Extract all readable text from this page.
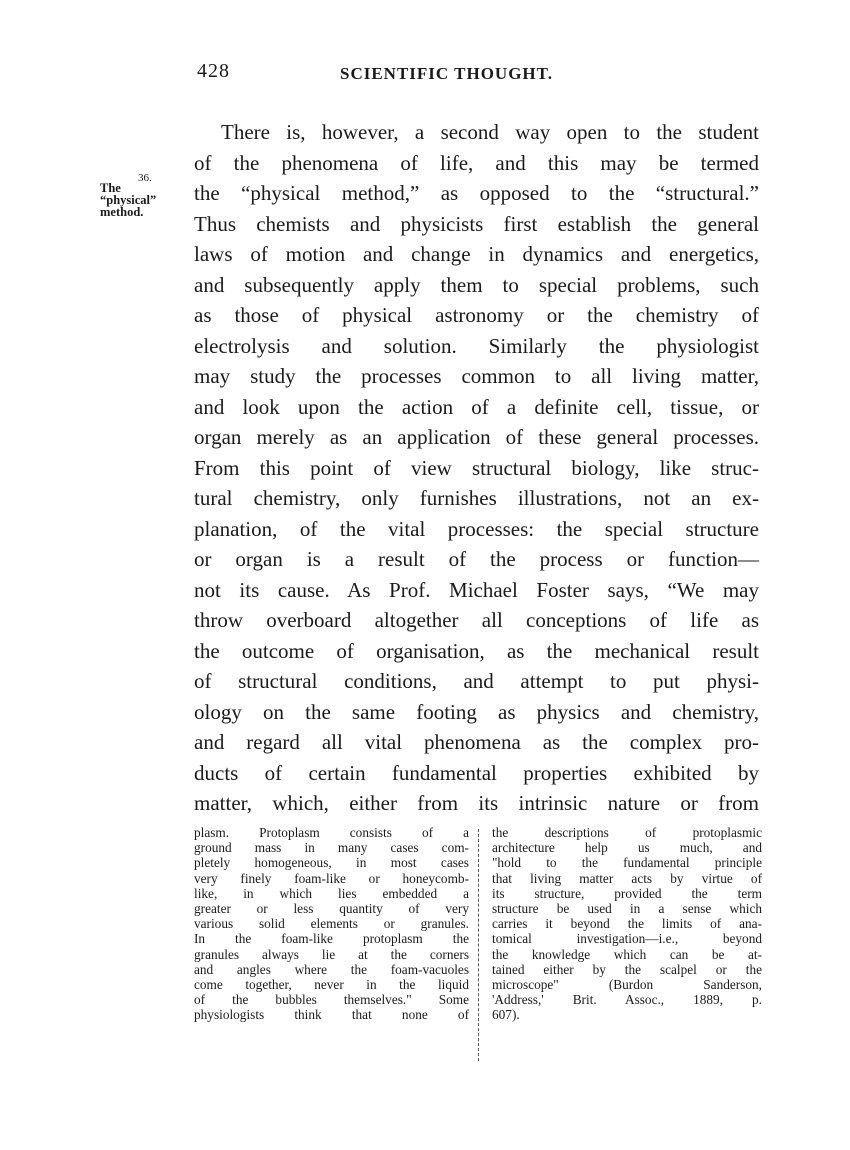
428	SCIENTIFIC THOUGHT.
36.
The
“physical”
method.
There is, however, a second way open to the student
of the phenomena of life, and this may be termed
the “physical method,” as opposed to the “structural.”
Thus chemists and physicists first establish the general
laws of motion and change in dynamics and energetics,
and subsequently apply them to special problems, such
as those of physical astronomy or the chemistry of
electrolysis and solution. Similarly the physiologist
may study the processes common to all living matter,
and look upon the action of a definite cell, tissue, or
organ merely as an application of these general processes.
From this point of view structural biology, like struc-
tural chemistry, only furnishes illustrations, not an ex-
planation, of the vital processes: the special structure
or organ is a result of the process or function—
not its cause. As Prof. Michael Foster says, “We may
throw overboard altogether all conceptions of life as
the outcome of organisation, as the mechanical result
of structural conditions, and attempt to put physi-
ology on the same footing as physics and chemistry,
and regard all vital phenomena as the complex pro-
ducts of certain fundamental properties exhibited by
matter, which, either from its intrinsic nature or from
plasm. Protoplasm consists of a
ground mass in many cases com-
pletely homogeneous, in most cases
very finely foam-like or honeycomb-
like, in which lies embedded a
greater or less quantity of very
various solid elements or granules.
In the foam-like protoplasm the
granules always lie at the corners
and angles where the foam-vacuoles
come together, never in the liquid
of the bubbles themselves." Some
physiologists think that none of
the descriptions of protoplasmic
architecture help us much, and
"hold to the fundamental principle
that living matter acts by virtue of
its structure, provided the term
structure be used in a sense which
carries it beyond the limits of ana-
tomical investigation—i.e., beyond
the knowledge which can be at-
tained either by the scalpel or the
microscope" (Burdon Sanderson,
'Address,' Brit. Assoc., 1889, p.
607).
